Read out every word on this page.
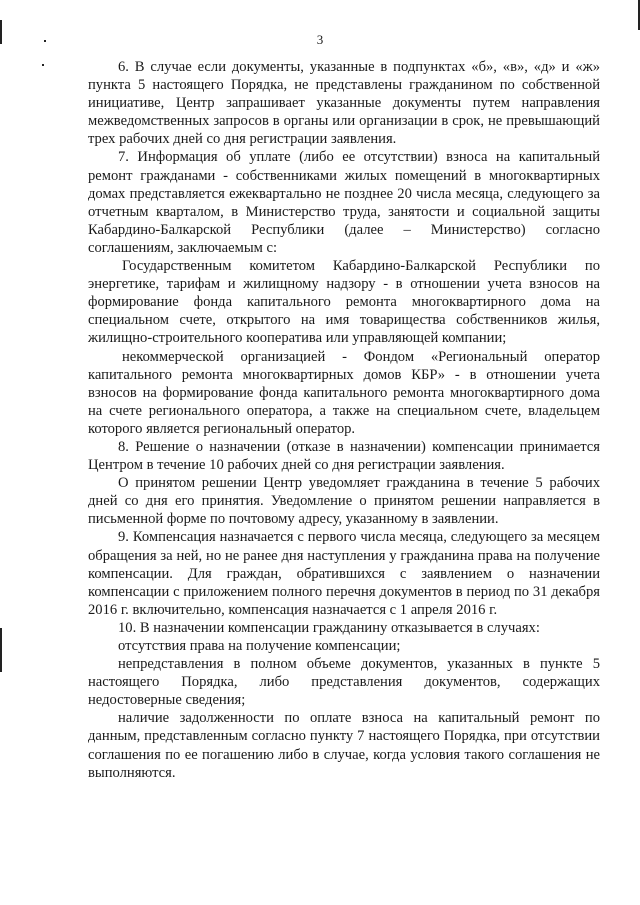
3

6. В случае если документы, указанные в подпунктах «б», «в», «д» и «ж» пункта 5 настоящего Порядка, не представлены гражданином по собственной инициативе, Центр запрашивает указанные документы путем направления межведомственных запросов в органы или организации в срок, не превышающий трех рабочих дней со дня регистрации заявления.

7. Информация об уплате (либо ее отсутствии) взноса на капитальный ремонт гражданами - собственниками жилых помещений в многоквартирных домах представляется ежеквартально не позднее 20 числа месяца, следующего за отчетным кварталом, в Министерство труда, занятости и социальной защиты Кабардино-Балкарской Республики (далее – Министерство) согласно соглашениям, заключаемым с:

Государственным комитетом Кабардино-Балкарской Республики по энергетике, тарифам и жилищному надзору - в отношении учета взносов на формирование фонда капитального ремонта многоквартирного дома на специальном счете, открытого на имя товарищества собственников жилья, жилищно-строительного кооператива или управляющей компании;

некоммерческой организацией - Фондом «Региональный оператор капитального ремонта многоквартирных домов КБР» - в отношении учета взносов на формирование фонда капитального ремонта многоквартирного дома на счете регионального оператора, а также на специальном счете, владельцем которого является региональный оператор.

8. Решение о назначении (отказе в назначении) компенсации принимается Центром в течение 10 рабочих дней со дня регистрации заявления.

О принятом решении Центр уведомляет гражданина в течение 5 рабочих дней со дня его принятия. Уведомление о принятом решении направляется в письменной форме по почтовому адресу, указанному в заявлении.

9. Компенсация назначается с первого числа месяца, следующего за месяцем обращения за ней, но не ранее дня наступления у гражданина права на получение компенсации. Для граждан, обратившихся с заявлением о назначении компенсации с приложением полного перечня документов в период по 31 декабря 2016 г. включительно, компенсация назначается с 1 апреля 2016 г.

10. В назначении компенсации гражданину отказывается в случаях:

отсутствия права на получение компенсации;

непредставления в полном объеме документов, указанных в пункте 5 настоящего Порядка, либо представления документов, содержащих недостоверные сведения;

наличие задолженности по оплате взноса на капитальный ремонт по данным, представленным согласно пункту 7 настоящего Порядка, при отсутствии соглашения по ее погашению либо в случае, когда условия такого соглашения не выполняются.
